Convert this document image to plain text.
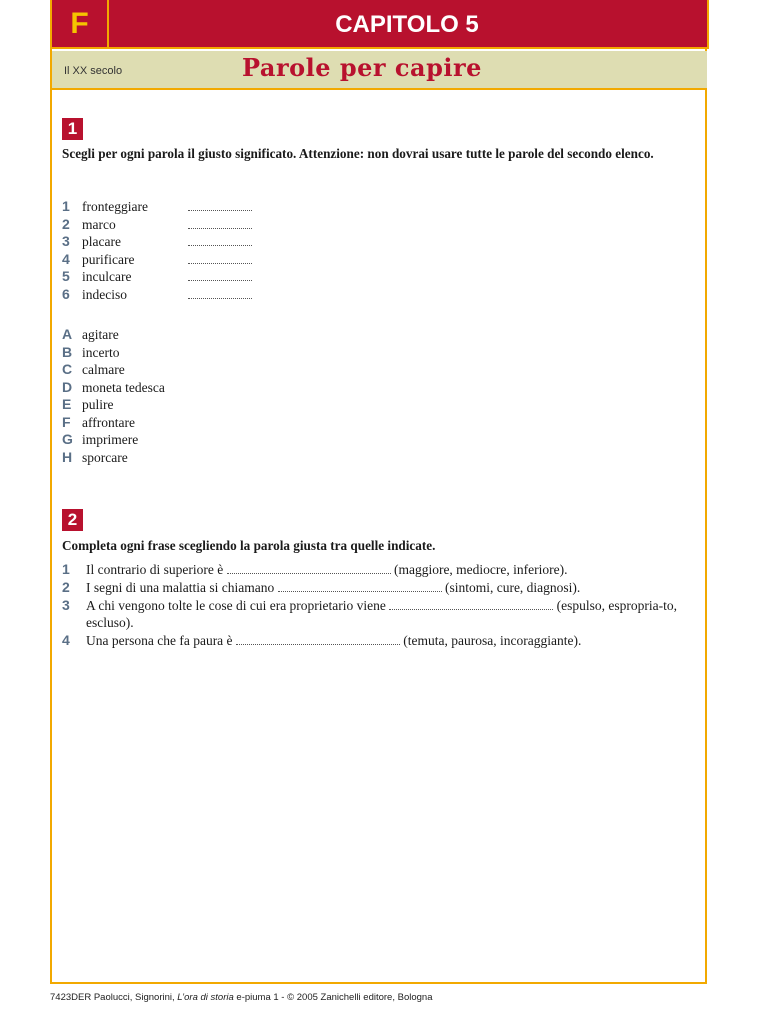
F	CAPITOLO 5
Il XX secolo	Parole per capire
1
Scegli per ogni parola il giusto significato. Attenzione: non dovrai usare tutte le parole del secondo elenco.
1 fronteggiare
2 marco
3 placare
4 purificare
5 inculcare
6 indeciso
A agitare
B incerto
C calmare
D moneta tedesca
E pulire
F affrontare
G imprimere
H sporcare
2
Completa ogni frase scegliendo la parola giusta tra quelle indicate.
1 Il contrario di superiore è	(maggiore, mediocre, inferiore).
2 I segni di una malattia si chiamano	(sintomi, cure, diagnosi).
3 A chi vengono tolte le cose di cui era proprietario viene	(espulso, espropria-to, escluso).
4 Una persona che fa paura è	(temuta, paurosa, incoraggiante).
7423DER Paolucci, Signorini, L’ora di storia e-piuma 1 - © 2005 Zanichelli editore, Bologna
